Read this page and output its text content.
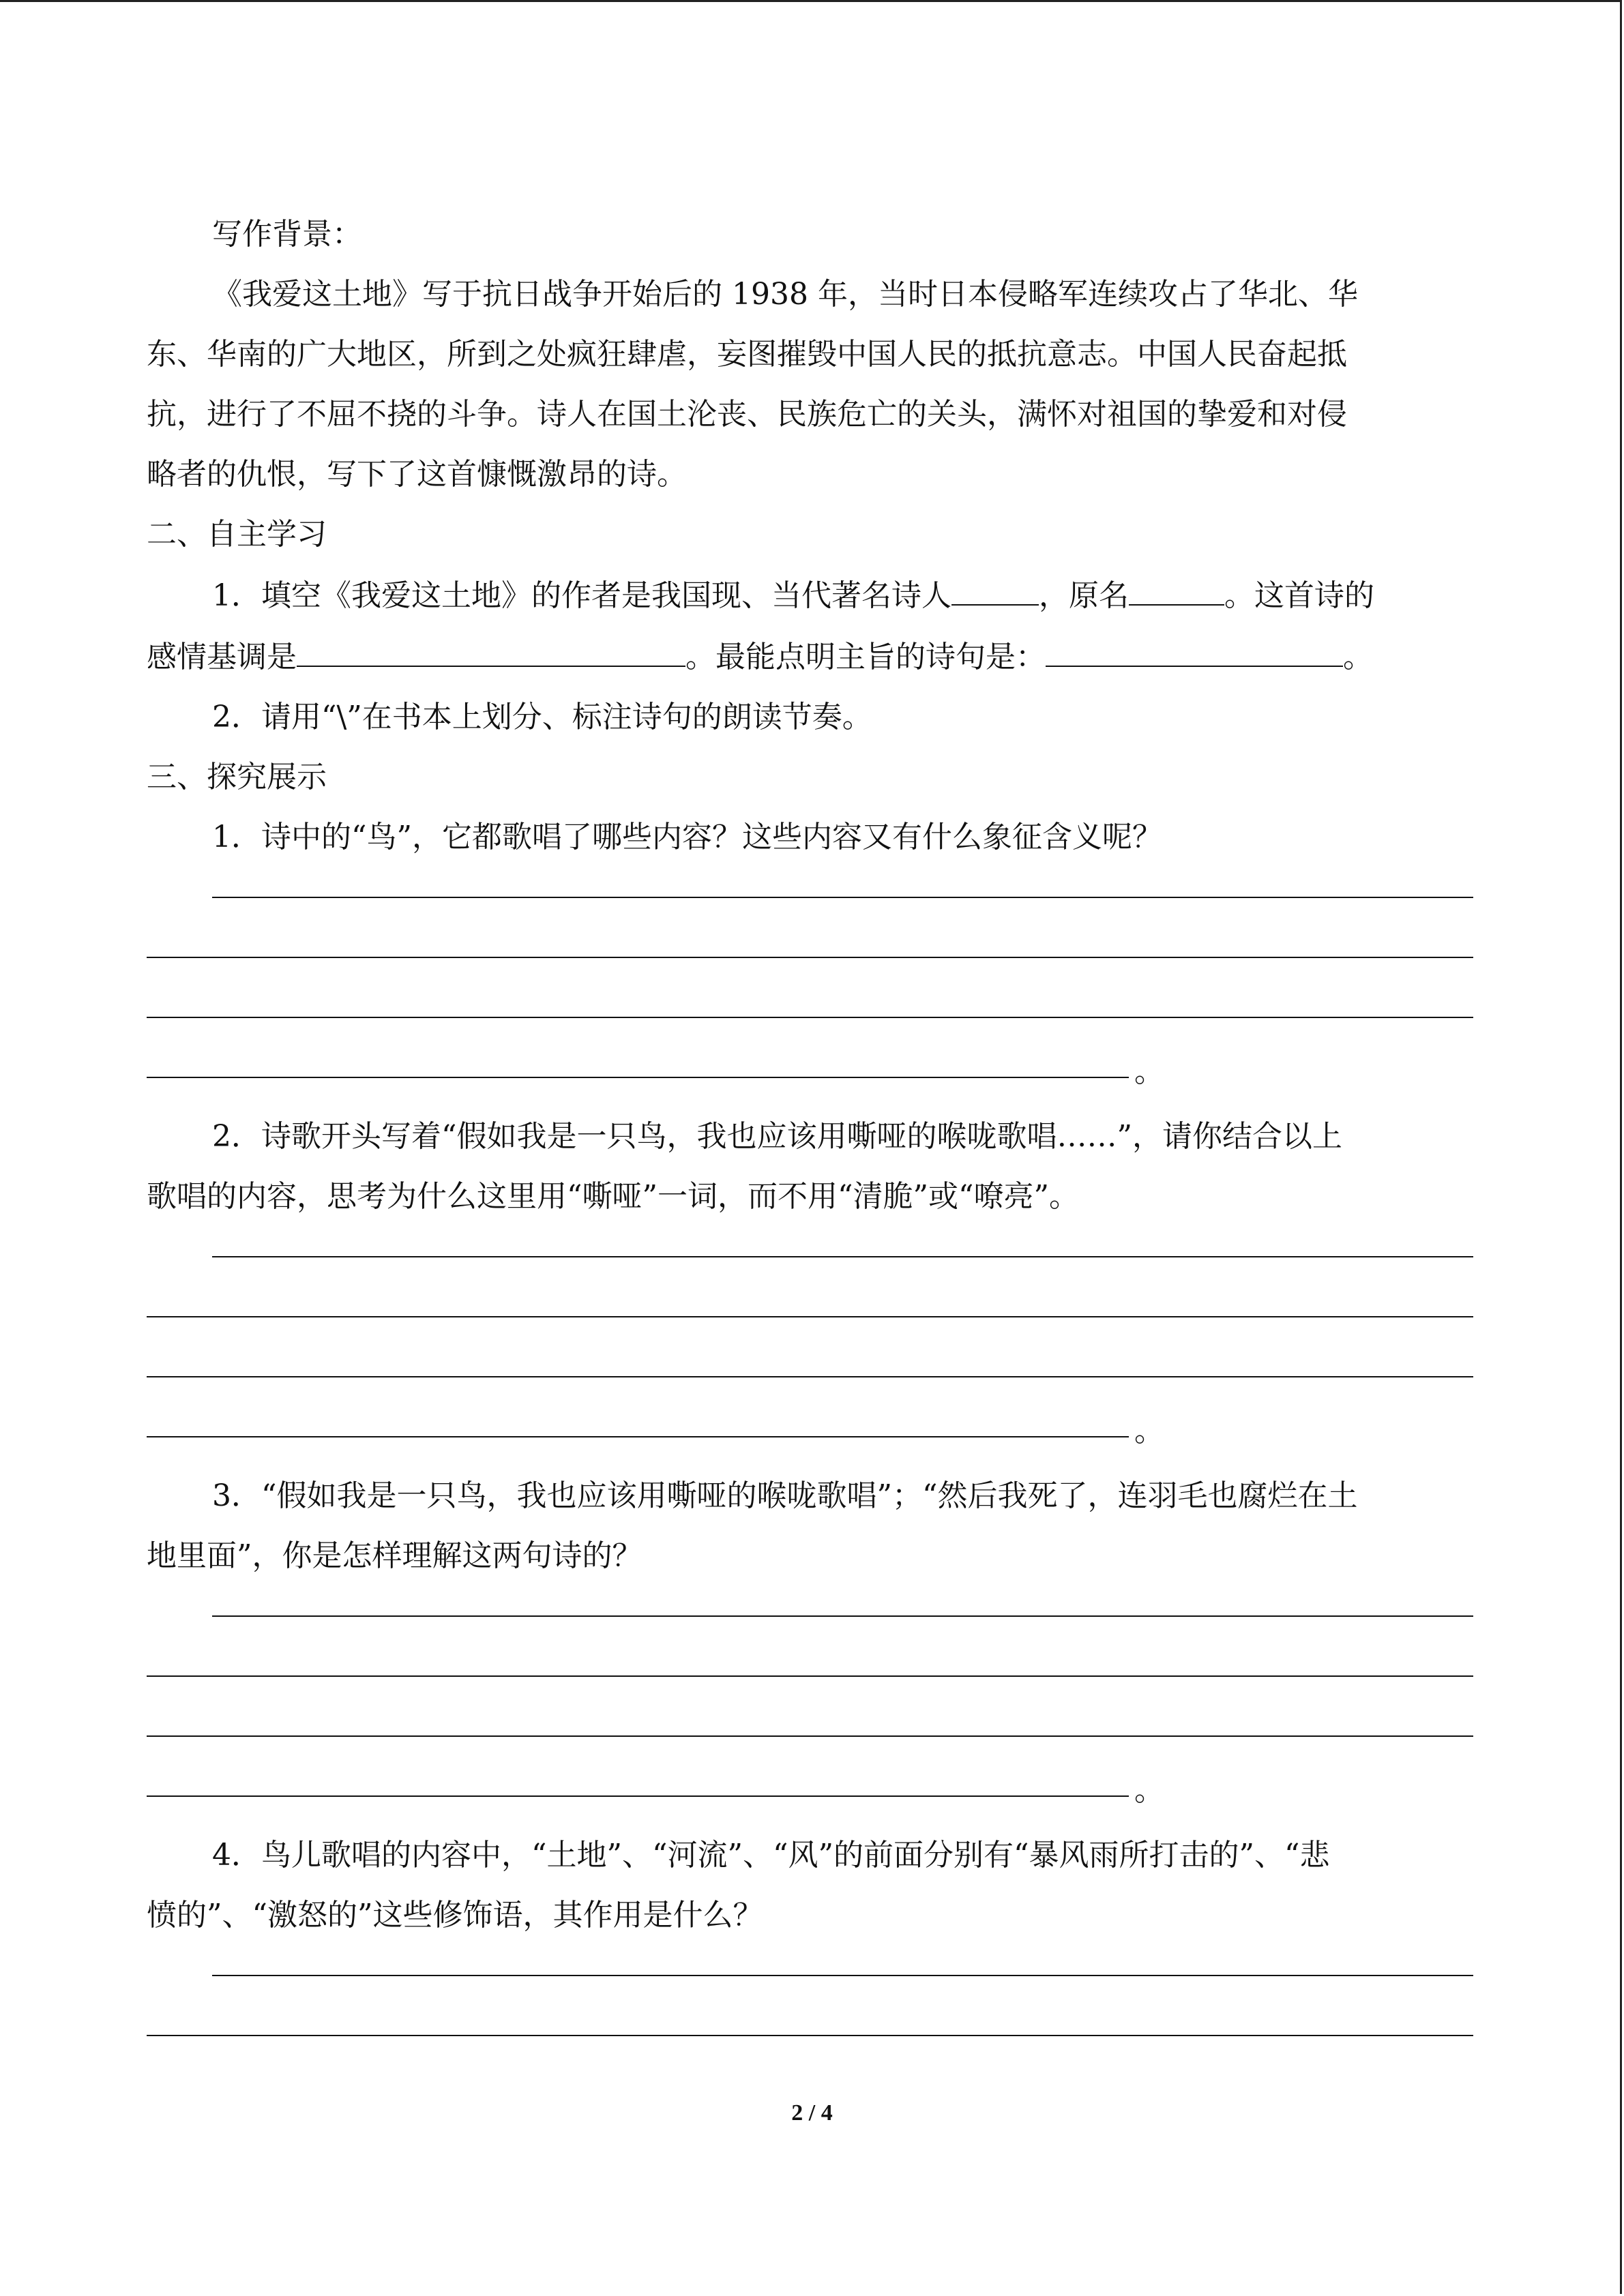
写作背景：

《我爱这土地》写于抗日战争开始后的 1938 年，当时日本侵略军连续攻占了华北、华

东、华南的广大地区，所到之处疯狂肆虐，妄图摧毁中国人民的抵抗意志。中国人民奋起抵

抗，进行了不屈不挠的斗争。诗人在国土沦丧、民族危亡的关头，满怀对祖国的挚爱和对侵

略者的仇恨，写下了这首慷慨激昂的诗。

二、自主学习

1．填空《我爱这土地》的作者是我国现、当代著名诗人	，原名	。这首诗的

感情基调是	。最能点明主旨的诗句是：	。

2．请用“\”在书本上划分、标注诗句的朗读节奏。

三、探究展示

1．诗中的“鸟”，它都歌唱了哪些内容？这些内容又有什么象征含义呢？

。

2．诗歌开头写着“假如我是一只鸟，我也应该用嘶哑的喉咙歌唱……”，请你结合以上

歌唱的内容，思考为什么这里用“嘶哑”一词，而不用“清脆”或“嘹亮”。

。

3．“假如我是一只鸟，我也应该用嘶哑的喉咙歌唱”；“然后我死了，连羽毛也腐烂在土

地里面”，你是怎样理解这两句诗的？

。

4．鸟儿歌唱的内容中，“土地”、“河流”、“风”的前面分别有“暴风雨所打击的”、“悲

愤的”、“激怒的”这些修饰语，其作用是什么？

2 / 4
